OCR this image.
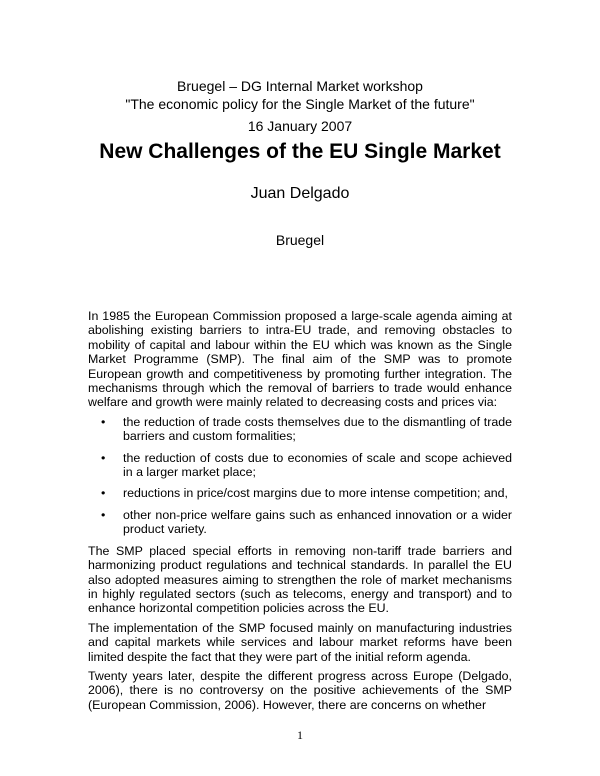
Bruegel – DG Internal Market workshop
"The economic policy for the Single Market of the future"
16 January 2007
New Challenges of the EU Single Market
Juan Delgado
Bruegel

In 1985 the European Commission proposed a large-scale agenda aiming at abolishing existing barriers to intra-EU trade, and removing obstacles to mobility of capital and labour within the EU which was known as the Single Market Programme (SMP). The final aim of the SMP was to promote European growth and competitiveness by promoting further integration. The mechanisms through which the removal of barriers to trade would enhance welfare and growth were mainly related to decreasing costs and prices via:

• the reduction of trade costs themselves due to the dismantling of trade barriers and custom formalities;
• the reduction of costs due to economies of scale and scope achieved in a larger market place;
• reductions in price/cost margins due to more intense competition; and,
• other non-price welfare gains such as enhanced innovation or a wider product variety.

The SMP placed special efforts in removing non-tariff trade barriers and harmonizing product regulations and technical standards. In parallel the EU also adopted measures aiming to strengthen the role of market mechanisms in highly regulated sectors (such as telecoms, energy and transport) and to enhance horizontal competition policies across the EU.

The implementation of the SMP focused mainly on manufacturing industries and capital markets while services and labour market reforms have been limited despite the fact that they were part of the initial reform agenda.

Twenty years later, despite the different progress across Europe (Delgado, 2006), there is no controversy on the positive achievements of the SMP (European Commission, 2006). However, there are concerns on whether

1
